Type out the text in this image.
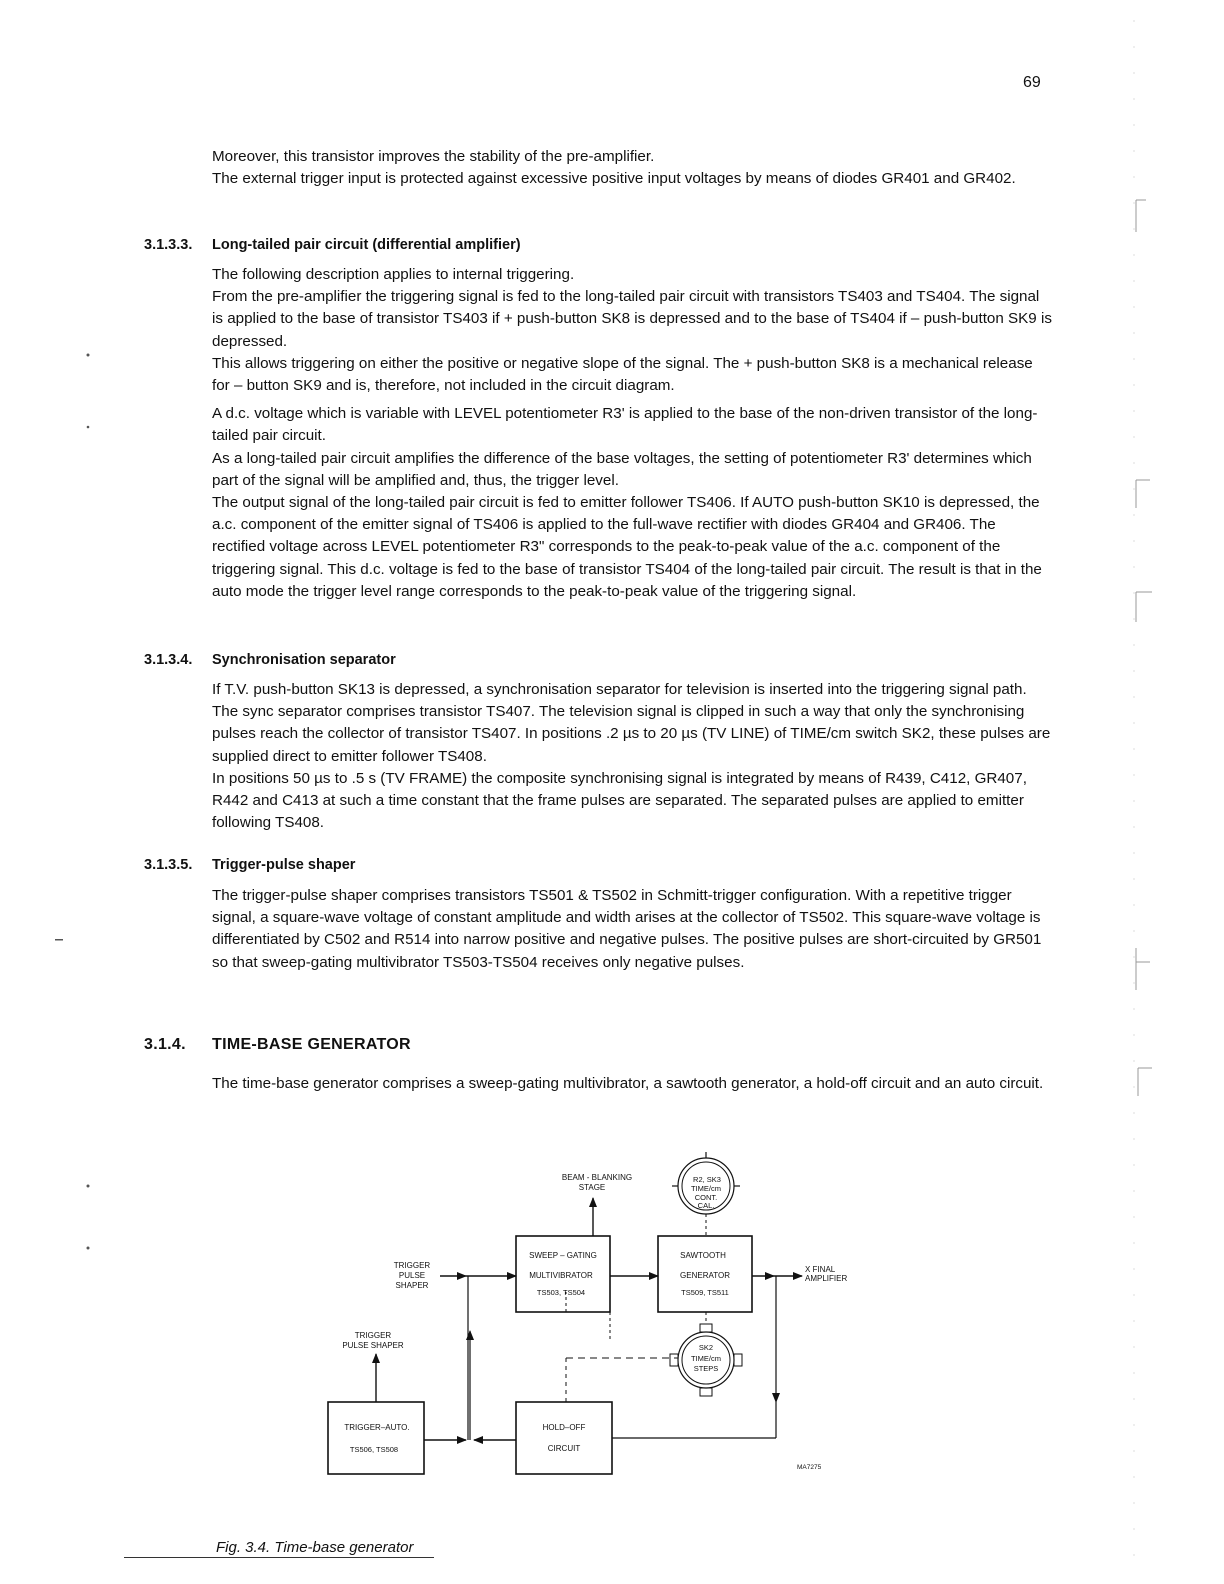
69

Moreover, this transistor improves the stability of the pre-amplifier.

The external trigger input is protected against excessive positive input voltages by means of diodes GR401 and GR402.

3.1.3.3. Long-tailed pair circuit (differential amplifier)

The following description applies to internal triggering.

From the pre-amplifier the triggering signal is fed to the long-tailed pair circuit with transistors TS403 and TS404. The signal is applied to the base of transistor TS403 if + push-button SK8 is depressed and to the base of TS404 if – push-button SK9 is depressed.

This allows triggering on either the positive or negative slope of the signal. The + push-button SK8 is a mechanical release for – button SK9 and is, therefore, not included in the circuit diagram.

A d.c. voltage which is variable with LEVEL potentiometer R3' is applied to the base of the non-driven transistor of the long-tailed pair circuit.

As a long-tailed pair circuit amplifies the difference of the base voltages, the setting of potentiometer R3' determines which part of the signal will be amplified and, thus, the trigger level.

The output signal of the long-tailed pair circuit is fed to emitter follower TS406. If AUTO push-button SK10 is depressed, the a.c. component of the emitter signal of TS406 is applied to the full-wave rectifier with diodes GR404 and GR406. The rectified voltage across LEVEL potentiometer R3" corresponds to the peak-to-peak value of the a.c. component of the triggering signal. This d.c. voltage is fed to the base of transistor TS404 of the long-tailed pair circuit. The result is that in the auto mode the trigger level range corresponds to the peak-to-peak value of the triggering signal.

3.1.3.4. Synchronisation separator

If T.V. push-button SK13 is depressed, a synchronisation separator for television is inserted into the triggering signal path. The sync separator comprises transistor TS407. The television signal is clipped in such a way that only the synchronising pulses reach the collector of transistor TS407. In positions .2 µs to 20 µs (TV LINE) of TIME/cm switch SK2, these pulses are supplied direct to emitter follower TS408.

In positions 50 µs to .5 s (TV FRAME) the composite synchronising signal is integrated by means of R439, C412, GR407, R442 and C413 at such a time constant that the frame pulses are separated. The separated pulses are applied to emitter following TS408.

3.1.3.5. Trigger-pulse shaper

The trigger-pulse shaper comprises transistors TS501 & TS502 in Schmitt-trigger configuration. With a repetitive trigger signal, a square-wave voltage of constant amplitude and width arises at the collector of TS502. This square-wave voltage is differentiated by C502 and R514 into narrow positive and negative pulses. The positive pulses are short-circuited by GR501 so that sweep-gating multivibrator TS503-TS504 receives only negative pulses.

3.1.4. TIME-BASE GENERATOR

The time-base generator comprises a sweep-gating multivibrator, a sawtooth generator, a hold-off circuit and an auto circuit.

SWEEP – GATING
MULTIVIBRATOR
TS503, TS504
SAWTOOTH
GENERATOR
TS509, TS511
TRIGGER–AUTO.
TS506, TS508
HOLD–OFF
CIRCUIT
BEAM - BLANKING
STAGE
TRIGGER
PULSE
SHAPER
TRIGGER
PULSE SHAPER
X FINAL
AMPLIFIER
MA7275
R2, SK3
TIME/cm
CONT.
CAL.
SK2
TIME/cm
STEPS
Fig. 3.4. Time-base generator
